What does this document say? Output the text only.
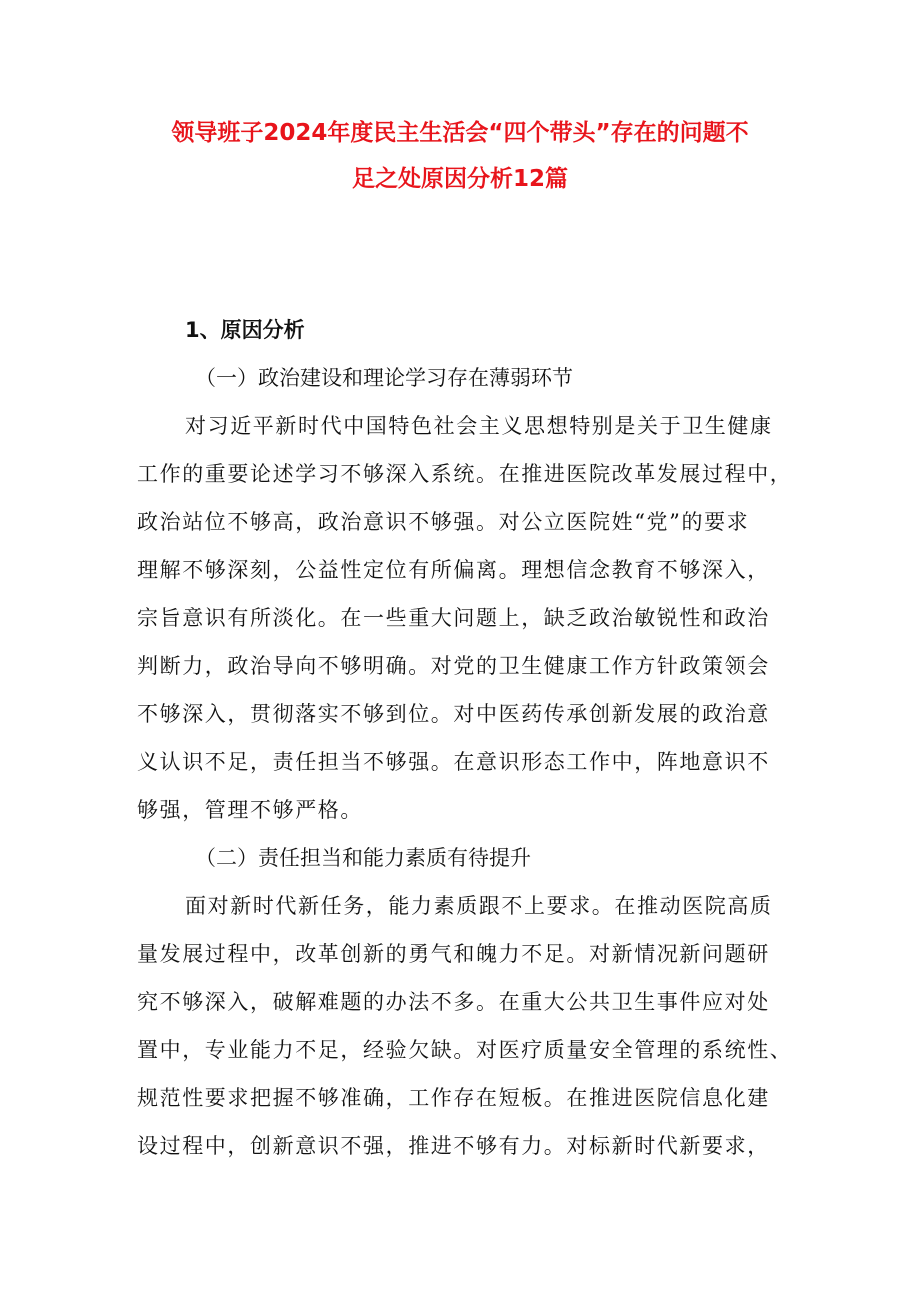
领导班子2024年度民主生活会“四个带头”存在的问题不
足之处原因分析12篇

1、原因分析

（一）政治建设和理论学习存在薄弱环节

对习近平新时代中国特色社会主义思想特别是关于卫生健康
工作的重要论述学习不够深入系统。在推进医院改革发展过程中，
政治站位不够高，政治意识不够强。对公立医院姓“党”的要求
理解不够深刻，公益性定位有所偏离。理想信念教育不够深入，
宗旨意识有所淡化。在一些重大问题上，缺乏政治敏锐性和政治
判断力，政治导向不够明确。对党的卫生健康工作方针政策领会
不够深入，贯彻落实不够到位。对中医药传承创新发展的政治意
义认识不足，责任担当不够强。在意识形态工作中，阵地意识不
够强，管理不够严格。

（二）责任担当和能力素质有待提升

面对新时代新任务，能力素质跟不上要求。在推动医院高质
量发展过程中，改革创新的勇气和魄力不足。对新情况新问题研
究不够深入，破解难题的办法不多。在重大公共卫生事件应对处
置中，专业能力不足，经验欠缺。对医疗质量安全管理的系统性、
规范性要求把握不够准确，工作存在短板。在推进医院信息化建
设过程中，创新意识不强，推进不够有力。对标新时代新要求，
